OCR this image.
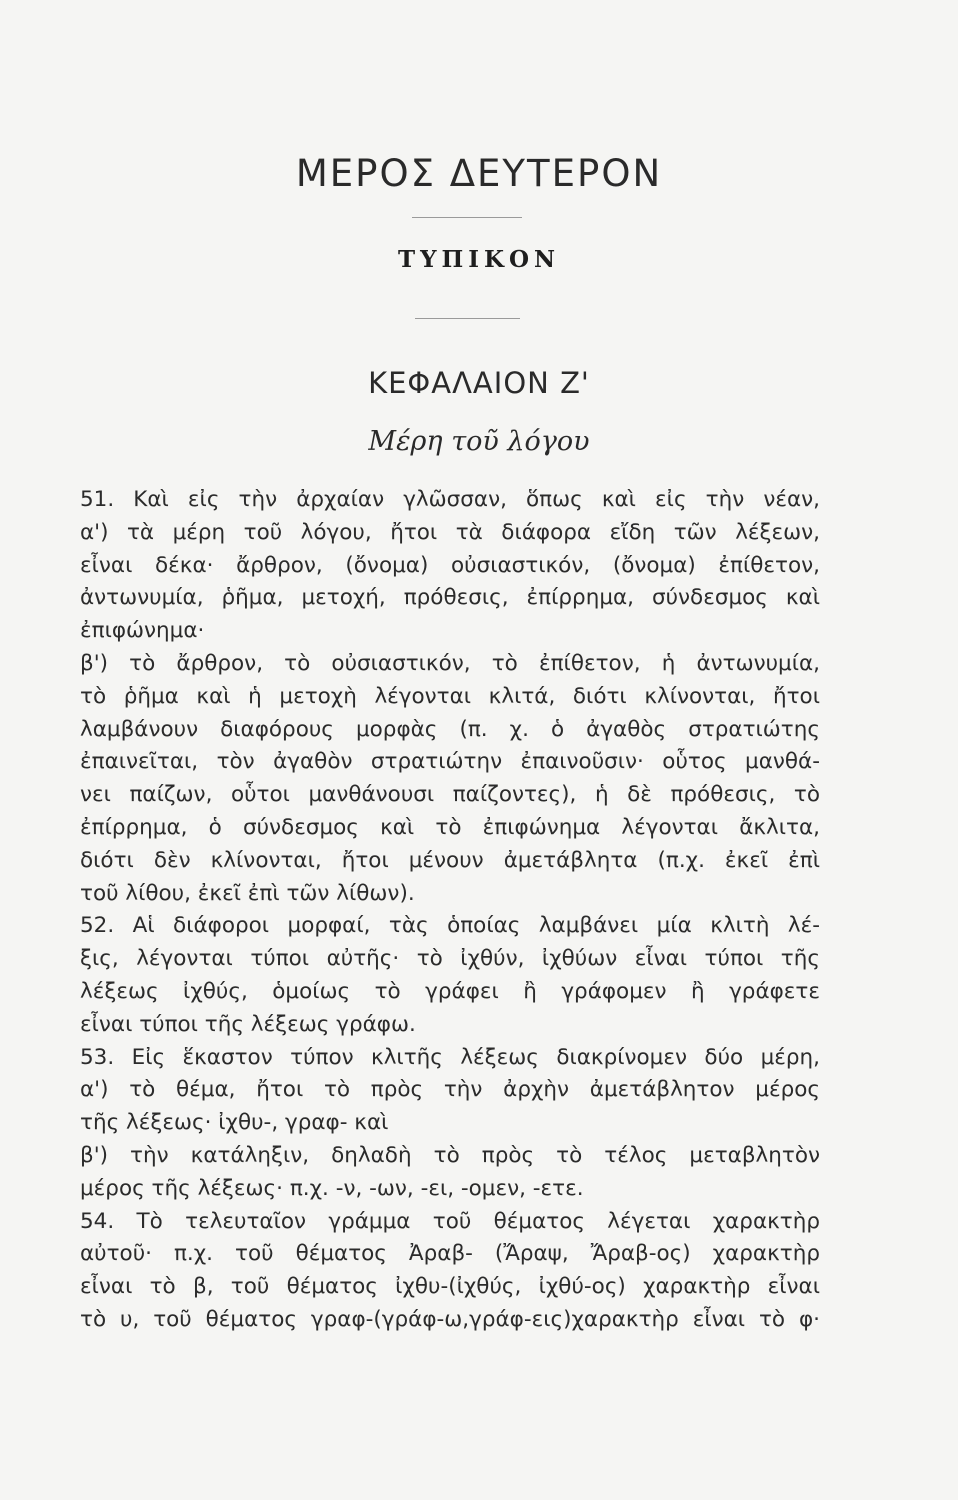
ΜΕΡΟΣ ΔΕΥΤΕΡΟΝ
ΤΥΠΙΚΟΝ
ΚΕΦΑΛΑΙΟΝ Ζ'
Μέρη τοῦ λόγου
51. Καὶ εἰς τὴν ἀρχαίαν γλῶσσαν, ὅπως καὶ εἰς τὴν νέαν,
α') τὰ μέρη τοῦ λόγου, ἤτοι τὰ διάφορα εἴδη τῶν λέξεων,
εἶναι δέκα· ἄρθρον, (ὄνομα) οὐσιαστικόν, (ὄνομα) ἐπίθετον,
ἀντωνυμία, ῥῆμα, μετοχή, πρόθεσις, ἐπίρρημα, σύνδεσμος καὶ
ἐπιφώνημα·
β') τὸ ἄρθρον, τὸ οὐσιαστικόν, τὸ ἐπίθετον, ἡ ἀντωνυμία,
τὸ ῥῆμα καὶ ἡ μετοχὴ λέγονται κλιτά, διότι κλίνονται, ἤτοι
λαμβάνουν διαφόρους μορφὰς (π. χ. ὁ ἀγαθὸς στρατιώτης
ἐπαινεῖται, τὸν ἀγαθὸν στρατιώτην ἐπαινοῦσιν· οὗτος μανθά-
νει παίζων, οὗτοι μανθάνουσι παίζοντες), ἡ δὲ πρόθεσις, τὸ
ἐπίρρημα, ὁ σύνδεσμος καὶ τὸ ἐπιφώνημα λέγονται ἄκλιτα,
διότι δὲν κλίνονται, ἤτοι μένουν ἀμετάβλητα (π.χ. ἐκεῖ ἐπὶ
τοῦ λίθου, ἐκεῖ ἐπὶ τῶν λίθων).
52. Αἱ διάφοροι μορφαί, τὰς ὁποίας λαμβάνει μία κλιτὴ λέ-
ξις, λέγονται τύποι αὐτῆς· τὸ ἰχθύν, ἰχθύων εἶναι τύποι τῆς
λέξεως ἰχθύς, ὁμοίως τὸ γράφει ἢ γράφομεν ἢ γράφετε
εἶναι τύποι τῆς λέξεως γράφω.
53. Εἰς ἕκαστον τύπον κλιτῆς λέξεως διακρίνομεν δύο μέρη,
α') τὸ θέμα, ἤτοι τὸ πρὸς τὴν ἀρχὴν ἀμετάβλητον μέρος
τῆς λέξεως· ἰχθυ-, γραφ- καὶ
β') τὴν κατάληξιν, δηλαδὴ τὸ πρὸς τὸ τέλος μεταβλητὸν
μέρος τῆς λέξεως· π.χ. -ν, -ων, -ει, -ομεν, -ετε.
54. Τὸ τελευταῖον γράμμα τοῦ θέματος λέγεται χαρακτὴρ
αὐτοῦ· π.χ. τοῦ θέματος Ἀραβ- (Ἄραψ, Ἄραβ-ος) χαρακτὴρ
εἶναι τὸ β, τοῦ θέματος ἰχθυ-(ἰχθύς, ἰχθύ-ος) χαρακτὴρ εἶναι
τὸ υ, τοῦ θέματος γραφ-(γράφ-ω,γράφ-εις)χαρακτὴρ εἶναι τὸ φ·
